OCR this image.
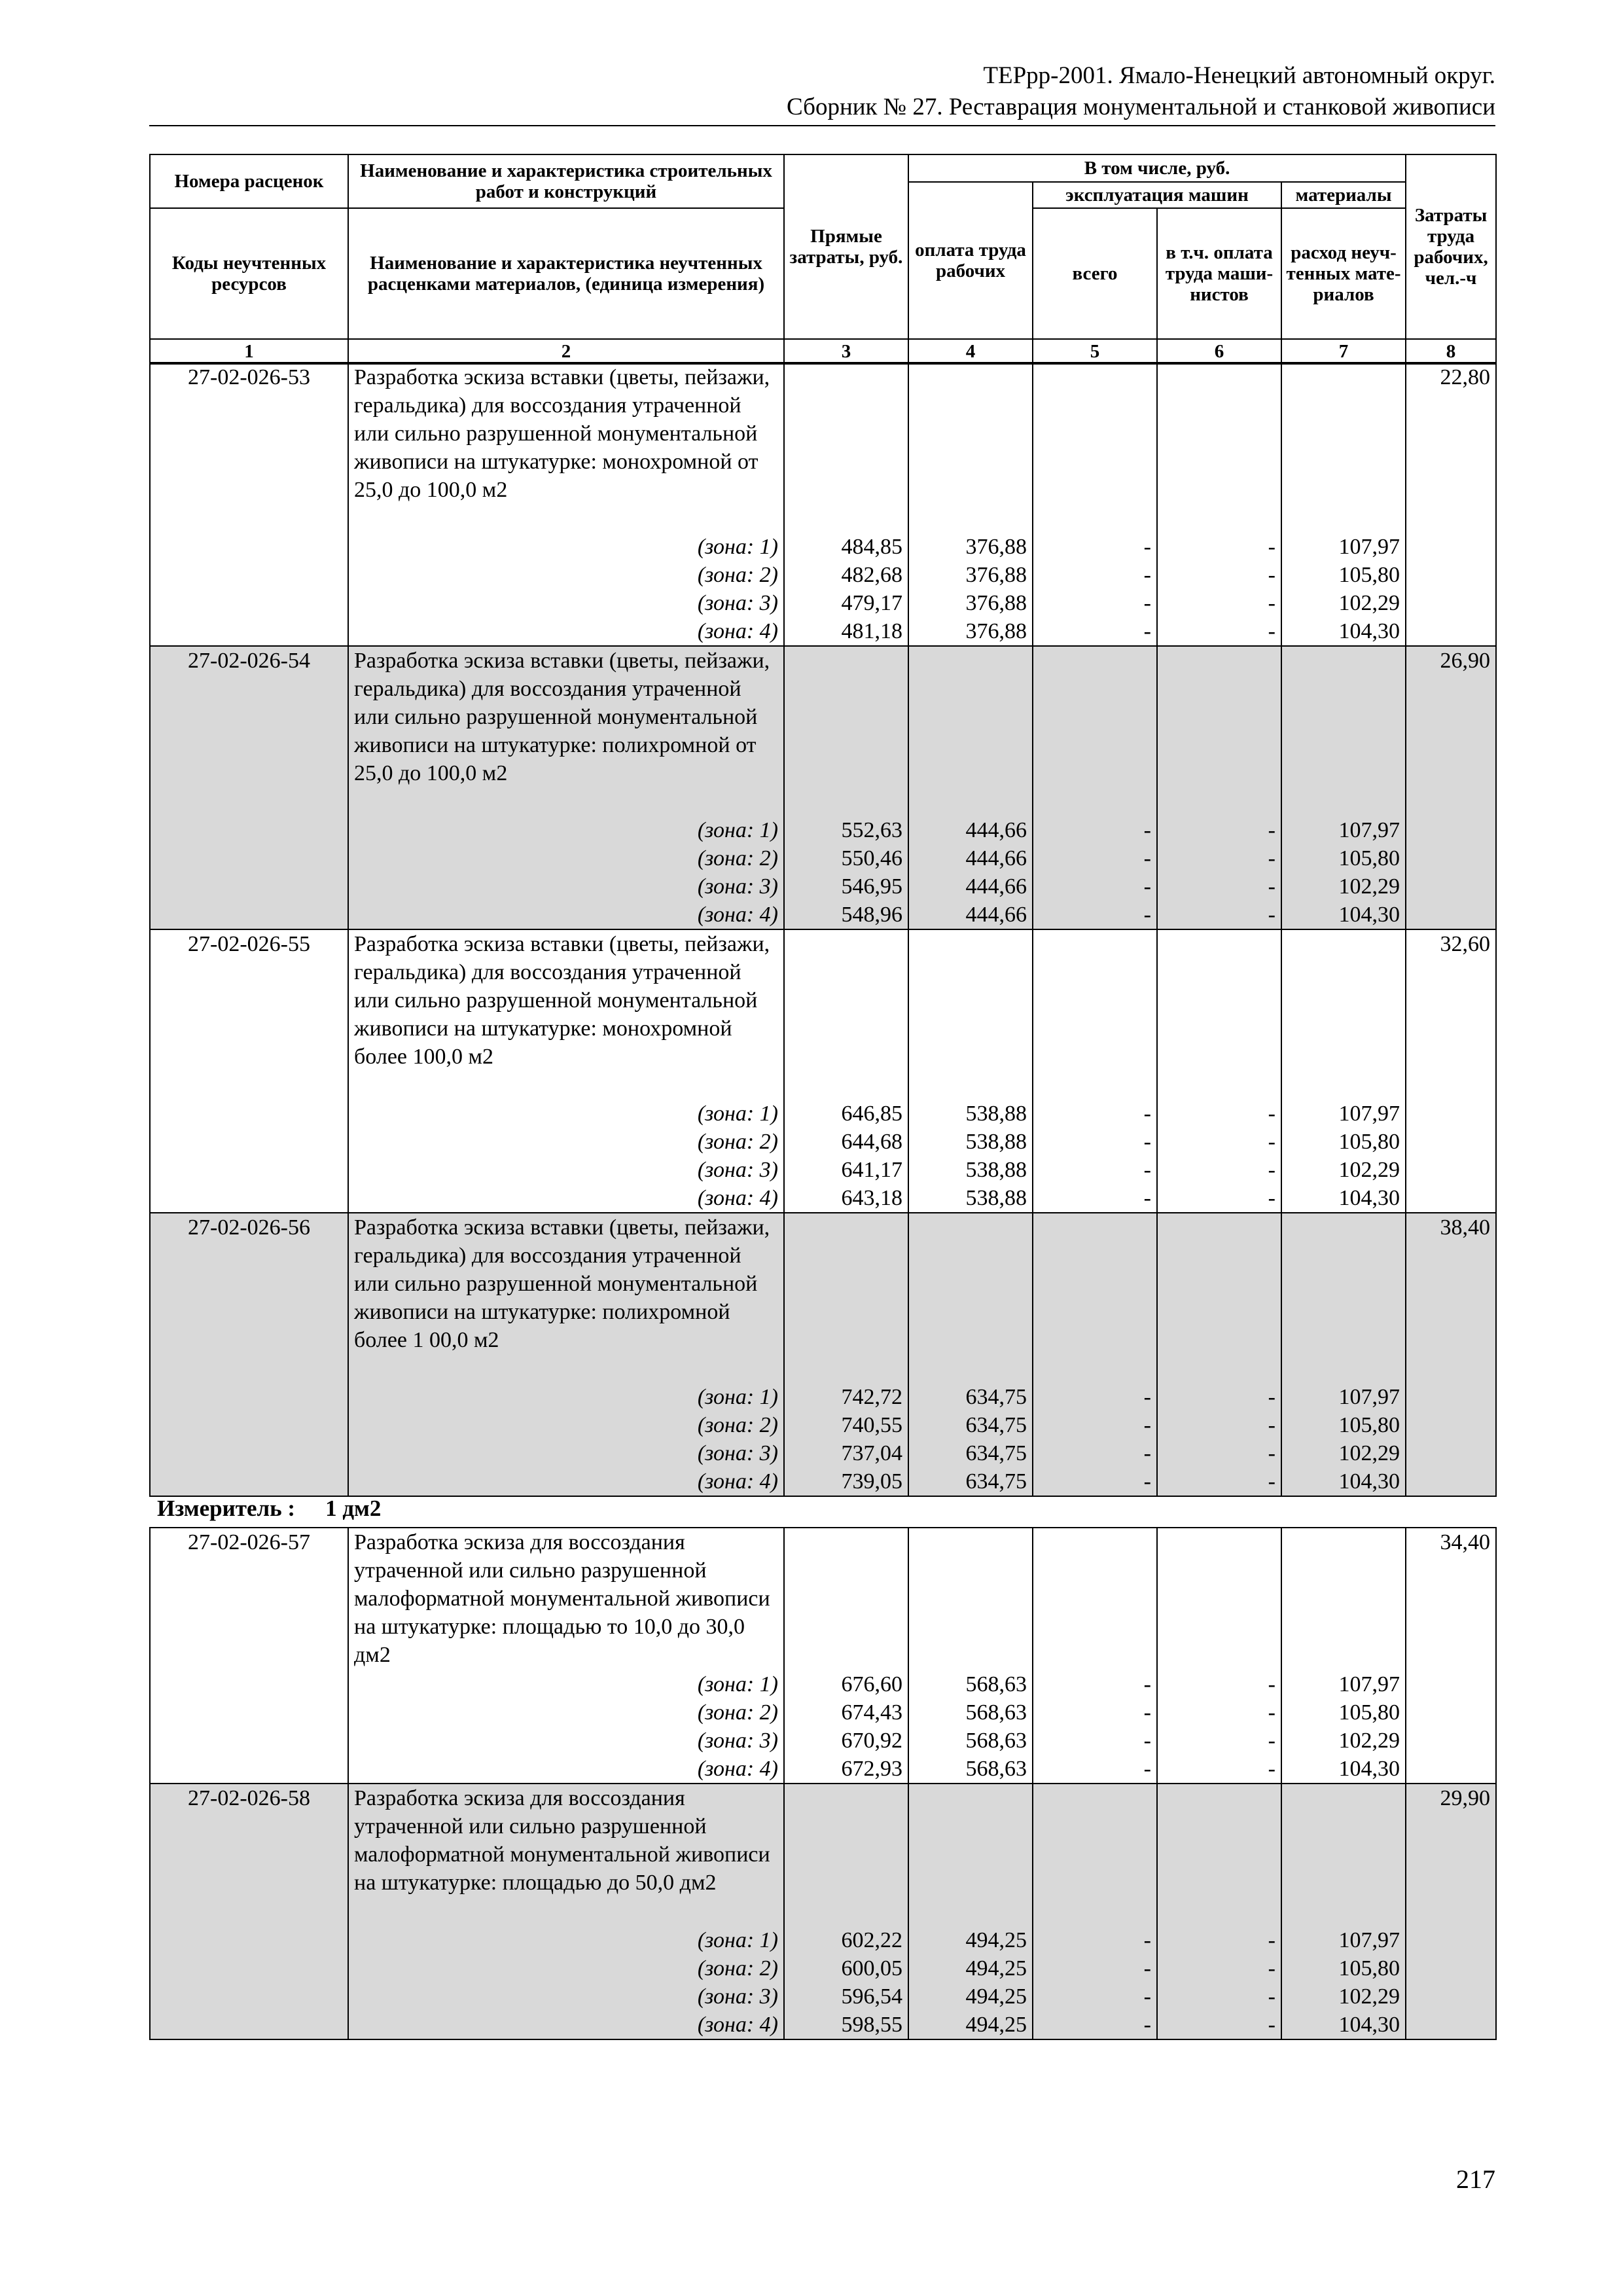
ТЕРрр-2001. Ямало-Ненецкий автономный округ.
Сборник № 27. Реставрация монументальной и станковой живописи
Номера расценок	Наименование и характеристика строительных работ и конструкций	Прямые затраты, руб.	В том числе, руб.				Затраты труда рабочих, чел.-ч
			оплата труда рабочих	эксплуатация машин		материалы	
Коды неучтенных ресурсов	Наименование и характеристика неучтенных расценками материалов, (единица измерения)			всего	в т.ч. оплата труда маши-нистов	расход неуч-тенных мате-риалов	

1	2	3	4	5	6	7	8
27-02-026-53	Разработка эскиза вставки (цветы, пейзажи, геральдика) для воссоздания утраченной или сильно разрушенной монументальной живописи на штукатурке: монохромной от 25,0 до 100,0 м2						22,80
	(зона: 1)	484,85	376,88	-	-	107,97	
	(зона: 2)	482,68	376,88	-	-	105,80	
	(зона: 3)	479,17	376,88	-	-	102,29	
	(зона: 4)	481,18	376,88	-	-	104,30	
27-02-026-54	Разработка эскиза вставки (цветы, пейзажи, геральдика) для воссоздания утраченной или сильно разрушенной монументальной живописи на штукатурке: полихромной от 25,0 до 100,0 м2						26,90
	(зона: 1)	552,63	444,66	-	-	107,97	
	(зона: 2)	550,46	444,66	-	-	105,80	
	(зона: 3)	546,95	444,66	-	-	102,29	
	(зона: 4)	548,96	444,66	-	-	104,30	
27-02-026-55	Разработка эскиза вставки (цветы, пейзажи, геральдика) для воссоздания утраченной или сильно разрушенной монументальной живописи на штукатурке: монохромной более 100,0 м2						32,60
	(зона: 1)	646,85	538,88	-	-	107,97	
	(зона: 2)	644,68	538,88	-	-	105,80	
	(зона: 3)	641,17	538,88	-	-	102,29	
	(зона: 4)	643,18	538,88	-	-	104,30	
27-02-026-56	Разработка эскиза вставки (цветы, пейзажи, геральдика) для воссоздания утраченной или сильно разрушенной монументальной живописи на штукатурке: полихромной более 1 00,0 м2						38,40
	(зона: 1)	742,72	634,75	-	-	107,97	
	(зона: 2)	740,55	634,75	-	-	105,80	
	(зона: 3)	737,04	634,75	-	-	102,29	
	(зона: 4)	739,05	634,75	-	-	104,30	
Измеритель : 1 дм2
27-02-026-57	Разработка эскиза для воссоздания утраченной или сильно разрушенной малоформатной монументальной живописи на штукатурке: площадью то 10,0 до 30,0 дм2						34,40
	(зона: 1)	676,60	568,63	-	-	107,97	
	(зона: 2)	674,43	568,63	-	-	105,80	
	(зона: 3)	670,92	568,63	-	-	102,29	
	(зона: 4)	672,93	568,63	-	-	104,30	
27-02-026-58	Разработка эскиза для воссоздания утраченной или сильно разрушенной малоформатной монументальной живописи на штукатурке: площадью до 50,0 дм2						29,90
	(зона: 1)	602,22	494,25	-	-	107,97	
	(зона: 2)	600,05	494,25	-	-	105,80	
	(зона: 3)	596,54	494,25	-	-	102,29	
	(зона: 4)	598,55	494,25	-	-	104,30	
217
